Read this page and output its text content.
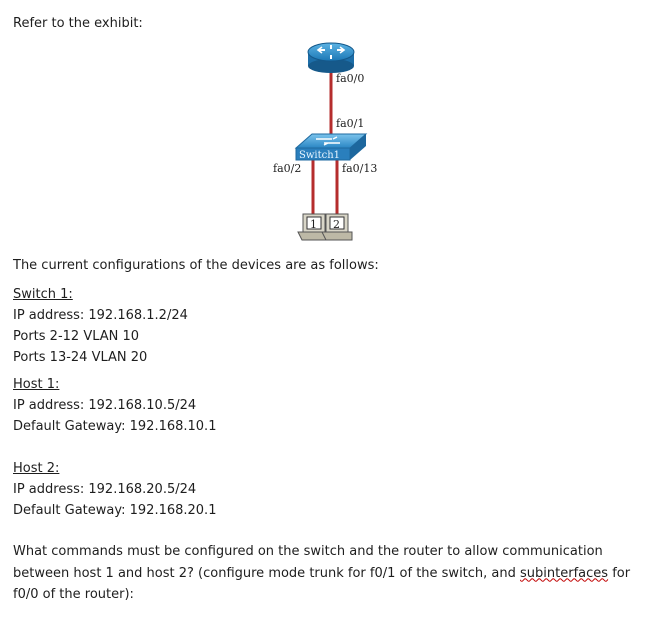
Refer to the exhibit:
Switch1
fa0/0
fa0/1
fa0/2	fa0/13
1 2
The current configurations of the devices are as follows:
Switch 1:
IP address: 192.168.1.2/24
Ports 2-12 VLAN 10
Ports 13-24 VLAN 20
Host 1:
IP address: 192.168.10.5/24
Default Gateway: 192.168.10.1
Host 2:
IP address: 192.168.20.5/24
Default Gateway: 192.168.20.1
What commands must be configured on the switch and the router to allow communication between host 1 and host 2? (configure mode trunk for f0/1 of the switch, and subinterfaces for f0/0 of the router):
